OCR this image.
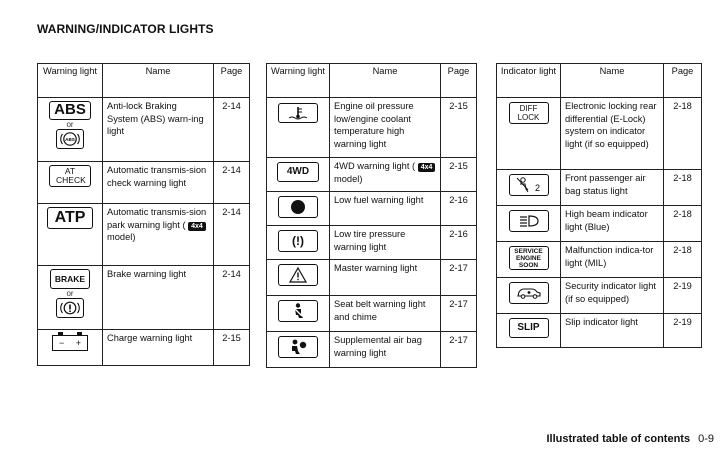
WARNING/INDICATOR LIGHTS
Warning light	Name	Page

ABS
or
ABS	Anti-lock Braking System (ABS) warn-ing light	2-14

AT CHECK	Automatic transmis-sion check warning light	2-14

ATP	Automatic transmis-sion park warning light ( 4x4 model)	2-14

BRAKE
or	Brake warning light	2-14

− +	Charge warning light	2-15
Warning light	Name	Page

	Engine oil pressure low/engine coolant temperature high warning light	2-15

4WD	4WD warning light ( 4x4 model)	2-15

	Low fuel warning light	2-16

(!)	Low tire pressure warning light	2-16

	Master warning light	2-17

	Seat belt warning light and chime	2-17

	Supplemental air bag warning light	2-17
Indicator light	Name	Page

DIFF LOCK	Electronic locking rear differential (E-Lock) system on indicator light (if so equipped)	2-18

2	Front passenger air bag status light	2-18

	High beam indicator light (Blue)	2-18

SERVICE ENGINE SOON	Malfunction indica-tor light (MIL)	2-18

	Security indicator light (if so equipped)	2-19

SLIP	Slip indicator light	2-19
Illustrated table of contents 0-9
